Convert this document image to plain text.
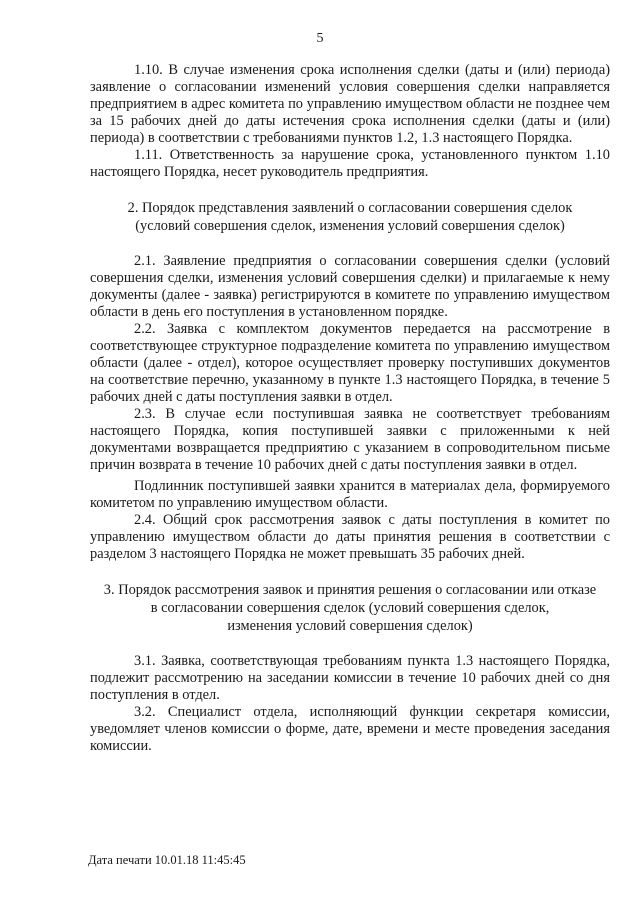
5

1.10. В случае изменения срока исполнения сделки (даты и (или) периода) заявление о согласовании изменений условия совершения сделки направляется предприятием в адрес комитета по управлению имуществом области не позднее чем за 15 рабочих дней до даты истечения срока исполнения сделки (даты и (или) периода) в соответствии с требованиями пунктов 1.2, 1.3 настоящего Порядка.

1.11. Ответственность за нарушение срока, установленного пунктом 1.10 настоящего Порядка, несет руководитель предприятия.

2. Порядок представления заявлений о согласовании совершения сделок
(условий совершения сделок, изменения условий совершения сделок)

2.1. Заявление предприятия о согласовании совершения сделки (условий совершения сделки, изменения условий совершения сделки) и прилагаемые к нему документы (далее - заявка) регистрируются в комитете по управлению имуществом области в день его поступления в установленном порядке.

2.2. Заявка с комплектом документов передается на рассмотрение в соответствующее структурное подразделение комитета по управлению имуществом области (далее - отдел), которое осуществляет проверку поступивших документов на соответствие перечню, указанному в пункте 1.3 настоящего Порядка, в течение 5 рабочих дней с даты поступления заявки в отдел.

2.3. В случае если поступившая заявка не соответствует требованиям настоящего Порядка, копия поступившей заявки с приложенными к ней документами возвращается предприятию с указанием в сопроводительном письме причин возврата в течение 10 рабочих дней с даты поступления заявки в отдел.

Подлинник поступившей заявки хранится в материалах дела, формируемого комитетом по управлению имуществом области.

2.4. Общий срок рассмотрения заявок с даты поступления в комитет по управлению имуществом области до даты принятия решения в соответствии с разделом 3 настоящего Порядка не может превышать 35 рабочих дней.

3. Порядок рассмотрения заявок и принятия решения о согласовании или отказе
в согласовании совершения сделок (условий совершения сделок,
изменения условий совершения сделок)

3.1. Заявка, соответствующая требованиям пункта 1.3 настоящего Порядка, подлежит рассмотрению на заседании комиссии в течение 10 рабочих дней со дня поступления в отдел.

3.2. Специалист отдела, исполняющий функции секретаря комиссии, уведомляет членов комиссии о форме, дате, времени и месте проведения заседания комиссии.

Дата печати 10.01.18 11:45:45
